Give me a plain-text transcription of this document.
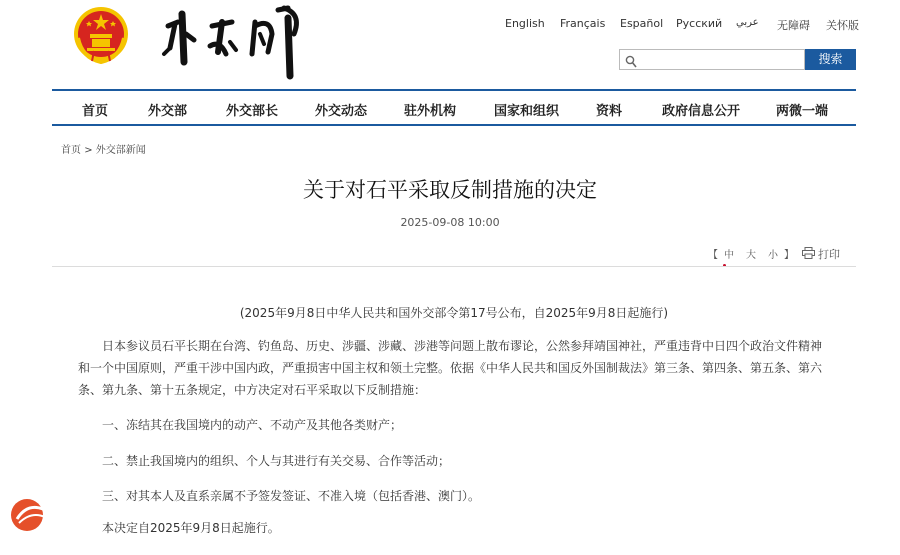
English Français Español Русский عربي 无障碍 关怀版
搜索
首页	外交部	外交部长	外交动态	驻外机构	国家和组织	资料	政府信息公开	两微一端
首页 > 外交部新闻
关于对石平采取反制措施的决定
2025-09-08 10:00
【 中 大 小 】 打印
(2025年9月8日中华人民共和国外交部令第17号公布，自2025年9月8日起施行)
日本参议员石平长期在台湾、钓鱼岛、历史、涉疆、涉藏、涉港等问题上散布谬论，公然参拜靖国神社，严重违背中日四个政治文件精神和一个中国原则，严重干涉中国内政，严重损害中国主权和领土完整。依据《中华人民共和国反外国制裁法》第三条、第四条、第五条、第六条、第九条、第十五条规定，中方决定对石平采取以下反制措施：
一、冻结其在我国境内的动产、不动产及其他各类财产；
二、禁止我国境内的组织、个人与其进行有关交易、合作等活动；
三、对其本人及直系亲属不予签发签证、不准入境（包括香港、澳门）。
本决定自2025年9月8日起施行。
